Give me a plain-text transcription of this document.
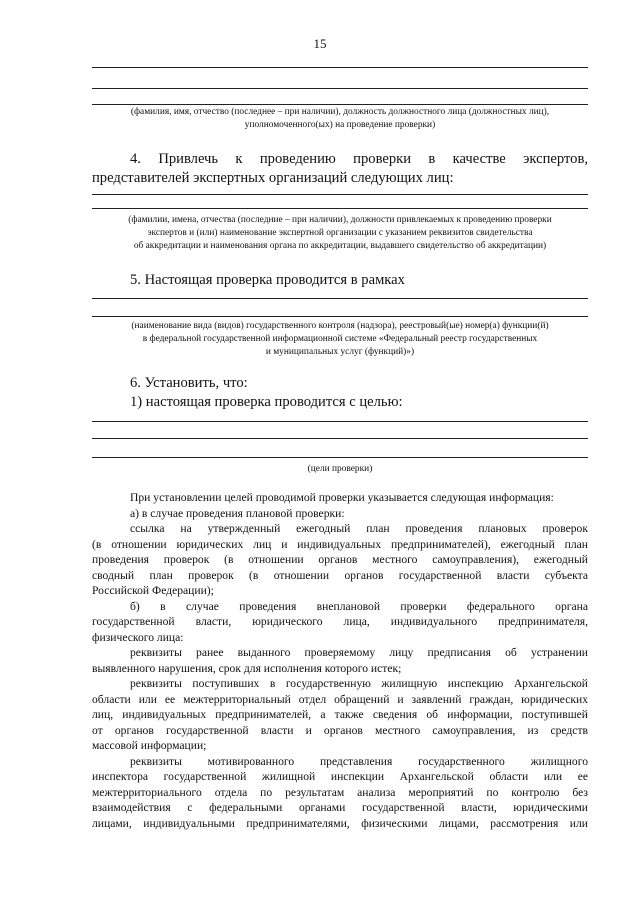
15
(фамилия, имя, отчество (последнее – при наличии), должность должностного лица (должностных лиц),
уполномоченного(ых) на проведение проверки)
4. Привлечь к проведению проверки в качестве экспертов,
представителей экспертных организаций следующих лиц:
(фамилии, имена, отчества (последние – при наличии), должности привлекаемых к проведению проверки
экспертов и (или) наименование экспертной организации с указанием реквизитов свидетельства
об аккредитации и наименования органа по аккредитации, выдавшего свидетельство об аккредитации)
5. Настоящая проверка проводится в рамках
(наименование вида (видов) государственного контроля (надзора), реестровый(ые) номер(а) функции(й)
в федеральной государственной информационной системе «Федеральный реестр государственных
и муниципальных услуг (функций)»)
6. Установить, что:
1) настоящая проверка проводится с целью:
(цели проверки)
При установлении целей проводимой проверки указывается следующая информация:
а) в случае проведения плановой проверки:
ссылка на утвержденный ежегодный план проведения плановых проверок
(в отношении юридических лиц и индивидуальных предпринимателей), ежегодный план
проведения проверок (в отношении органов местного самоуправления), ежегодный
сводный план проверок (в отношении органов государственной власти субъекта
Российской Федерации);
б) в случае проведения внеплановой проверки федерального органа
государственной власти, юридического лица, индивидуального предпринимателя,
физического лица:
реквизиты ранее выданного проверяемому лицу предписания об устранении
выявленного нарушения, срок для исполнения которого истек;
реквизиты поступивших в государственную жилищную инспекцию Архангельской
области или ее межтерриториальный отдел обращений и заявлений граждан, юридических
лиц, индивидуальных предпринимателей, а также сведения об информации, поступившей
от органов государственной власти и органов местного самоуправления, из средств
массовой информации;
реквизиты мотивированного представления государственного жилищного
инспектора государственной жилищной инспекции Архангельской области или ее
межтерриториального отдела по результатам анализа мероприятий по контролю без
взаимодействия с федеральными органами государственной власти, юридическими
лицами, индивидуальными предпринимателями, физическими лицами, рассмотрения или
